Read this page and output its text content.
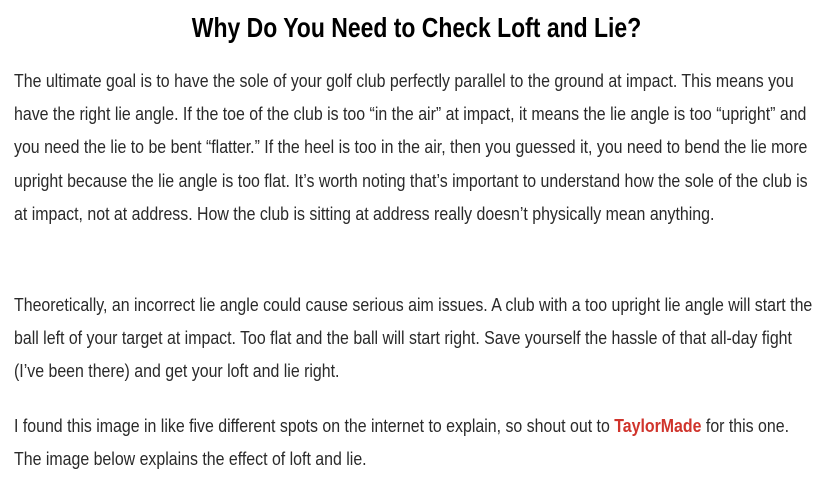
Why Do You Need to Check Loft and Lie?

The ultimate goal is to have the sole of your golf club perfectly parallel to the ground at impact. This means you have the right lie angle. If the toe of the club is too “in the air” at impact, it means the lie angle is too “upright” and you need the lie to be bent “flatter.” If the heel is too in the air, then you guessed it, you need to bend the lie more upright because the lie angle is too flat. It’s worth noting that’s important to understand how the sole of the club is at impact, not at address. How the club is sitting at address really doesn’t physically mean anything.

Theoretically, an incorrect lie angle could cause serious aim issues. A club with a too upright lie angle will start the ball left of your target at impact. Too flat and the ball will start right. Save yourself the hassle of that all-day fight (I’ve been there) and get your loft and lie right.

I found this image in like five different spots on the internet to explain, so shout out to TaylorMade for this one. The image below explains the effect of loft and lie.
